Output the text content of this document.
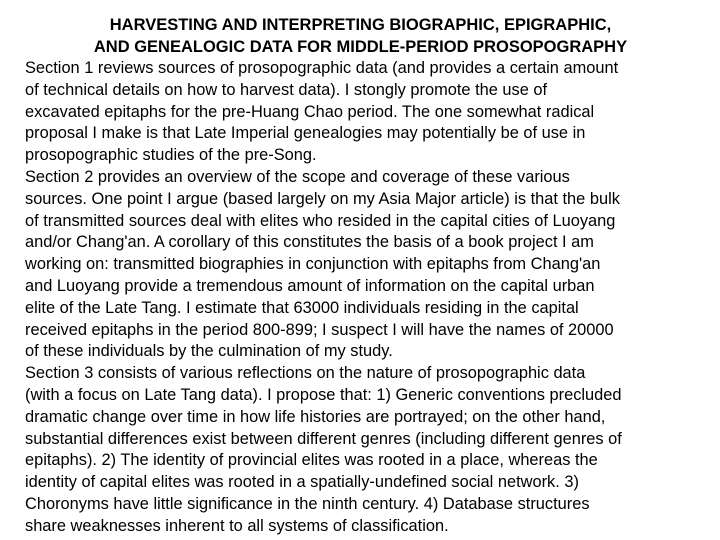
HARVESTING AND INTERPRETING BIOGRAPHIC, EPIGRAPHIC,
AND GENEALOGIC DATA FOR MIDDLE-PERIOD PROSOPOGRAPHY

Section 1 reviews sources of prosopographic data (and provides a certain amount
of technical details on how to harvest data). I stongly promote the use of
excavated epitaphs for the pre-Huang Chao period. The one somewhat radical
proposal I make is that Late Imperial genealogies may potentially be of use in
prosopographic studies of the pre-Song.

Section 2 provides an overview of the scope and coverage of these various
sources. One point I argue (based largely on my Asia Major article) is that the bulk
of transmitted sources deal with elites who resided in the capital cities of Luoyang
and/or Chang'an. A corollary of this constitutes the basis of a book project I am
working on: transmitted biographies in conjunction with epitaphs from Chang'an
and Luoyang provide a tremendous amount of information on the capital urban
elite of the Late Tang. I estimate that 63000 individuals residing in the capital
received epitaphs in the period 800-899; I suspect I will have the names of 20000
of these individuals by the culmination of my study.

Section 3 consists of various reflections on the nature of prosopographic data
(with a focus on Late Tang data). I propose that: 1) Generic conventions precluded
dramatic change over time in how life histories are portrayed; on the other hand,
substantial differences exist between different genres (including different genres of
epitaphs). 2) The identity of provincial elites was rooted in a place, whereas the
identity of capital elites was rooted in a spatially-undefined social network. 3)
Choronyms have little significance in the ninth century. 4) Database structures
share weaknesses inherent to all systems of classification.
